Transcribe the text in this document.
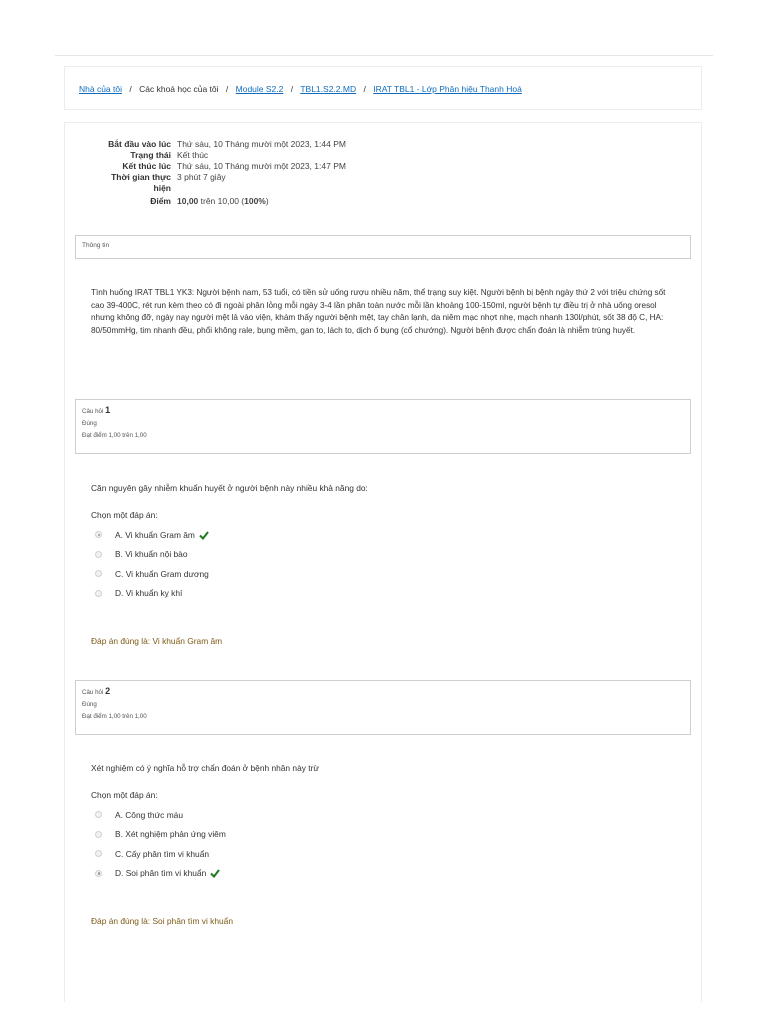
Nhà của tôi / Các khoá học của tôi / Module S2.2 / TBL1.S2.2.MD / IRAT TBL1 - Lớp Phân hiệu Thanh Hoá
Bắt đầu vào lúc Thứ sáu, 10 Tháng mười một 2023, 1:44 PM
Trạng thái Kết thúc
Kết thúc lúc Thứ sáu, 10 Tháng mười một 2023, 1:47 PM
Thời gian thực
hiện
3 phút 7 giây
Điểm 10,00 trên 10,00 (100%)
Thông tin
Tình huống IRAT TBL1 YK3: Người bệnh nam, 53 tuổi, có tiền sử uống rượu nhiều năm, thể trạng suy kiệt. Người bệnh bị bệnh ngày thứ 2 với triệu chứng sốt cao 39-400C, rét run kèm theo có đi ngoài phân lỏng mỗi ngày 3-4 lần phân toàn nước mỗi lần khoảng 100-150ml, người bệnh tự điều trị ở nhà uống oresol nhưng không đỡ, ngày nay người mệt lả vào viện, khám thấy người bệnh mệt, tay chân lạnh, da niêm mạc nhợt nhẹ, mạch nhanh 130l/phút, sốt 38 độ C, HA: 80/50mmHg, tim nhanh đều, phổi không rale, bụng mềm, gan to, lách to, dịch ổ bụng (cổ chướng). Người bệnh được chẩn đoán là nhiễm trùng huyết.
Câu hỏi 1
Đúng
Đạt điểm 1,00 trên 1,00
Căn nguyên gây nhiễm khuẩn huyết ở người bệnh này nhiều khả năng do:
Chọn một đáp án:
A. Vi khuẩn Gram âm
B. Vi khuẩn nội bào
C. Vi khuẩn Gram dương
D. Vi khuẩn kỵ khí
Đáp án đúng là: Vi khuẩn Gram âm
Câu hỏi 2
Đúng
Đạt điểm 1,00 trên 1,00
Xét nghiệm có ý nghĩa hỗ trợ chẩn đoán ở bệnh nhân này trừ
Chọn một đáp án:
A. Công thức máu
B. Xét nghiệm phản ứng viêm
C. Cấy phân tìm vi khuẩn
D. Soi phân tìm vi khuẩn
Đáp án đúng là: Soi phân tìm vi khuẩn
